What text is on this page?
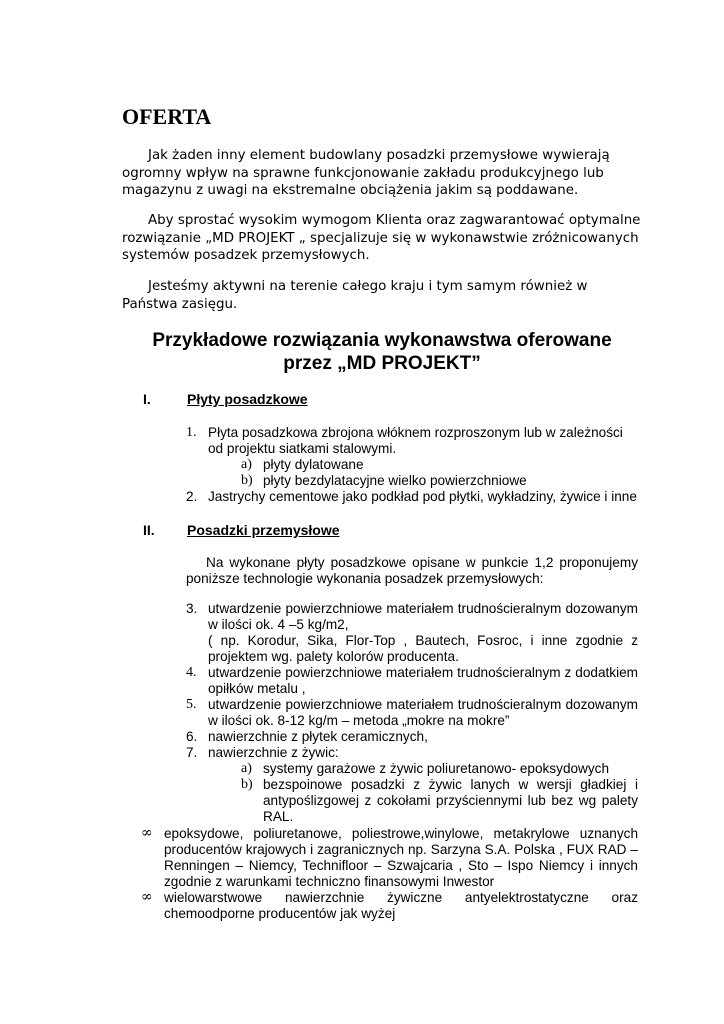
OFERTA
Jak żaden inny element budowlany posadzki przemysłowe wywierają ogromny wpływ na sprawne funkcjonowanie zakładu produkcyjnego lub magazynu z uwagi na ekstremalne obciążenia jakim są poddawane.
Aby sprostać wysokim wymogom Klienta oraz zagwarantować optymalne rozwiązanie „MD PROJEKT „ specjalizuje się w wykonawstwie zróżnicowanych systemów posadzek przemysłowych.
Jesteśmy aktywni na terenie całego kraju i tym samym również w Państwa zasięgu.
Przykładowe rozwiązania wykonawstwa oferowane
przez „MD PROJEKT”
I.	Płyty posadzkowe
1. Płyta posadzkowa zbrojona włóknem rozproszonym lub w zależności od projektu siatkami stalowymi.
a) płyty dylatowane
b) płyty bezdylatacyjne wielko powierzchniowe
2. Jastrychy cementowe jako podkład pod płytki, wykładziny, żywice i inne
II. Posadzki przemysłowe
Na wykonane płyty posadzkowe opisane w punkcie 1,2 proponujemy poniższe technologie wykonania posadzek przemysłowych:
3. utwardzenie powierzchniowe materiałem trudnościeralnym dozowanym w ilości ok. 4 –5 kg/m2,
( np. Korodur, Sika, Flor-Top , Bautech, Fosroc, i inne zgodnie z projektem wg. palety kolorów producenta.
4. utwardzenie powierzchniowe materiałem trudnościeralnym z dodatkiem opiłków metalu ,
5. utwardzenie powierzchniowe materiałem trudnościeralnym dozowanym w ilości ok. 8-12 kg/m – metoda „mokre na mokre”
6. nawierzchnie z płytek ceramicznych,
7. nawierzchnie z żywic:
a) systemy garażowe z żywic poliuretanowo- epoksydowych
b) bezspoinowe posadzki z żywic lanych w wersji gładkiej i antypoślizgowej z cokołami przyściennymi lub bez wg palety RAL.
∞ epoksydowe, poliuretanowe, poliestrowe,winylowe, metakrylowe uznanych producentów krajowych i zagranicznych np. Sarzyna S.A. Polska , FUX RAD – Renningen – Niemcy, Technifloor – Szwajcaria , Sto – Ispo Niemcy i innych zgodnie z warunkami techniczno finansowymi Inwestor
∞ wielowarstwowe nawierzchnie żywiczne antyelektrostatyczne oraz chemoodporne producentów jak wyżej
